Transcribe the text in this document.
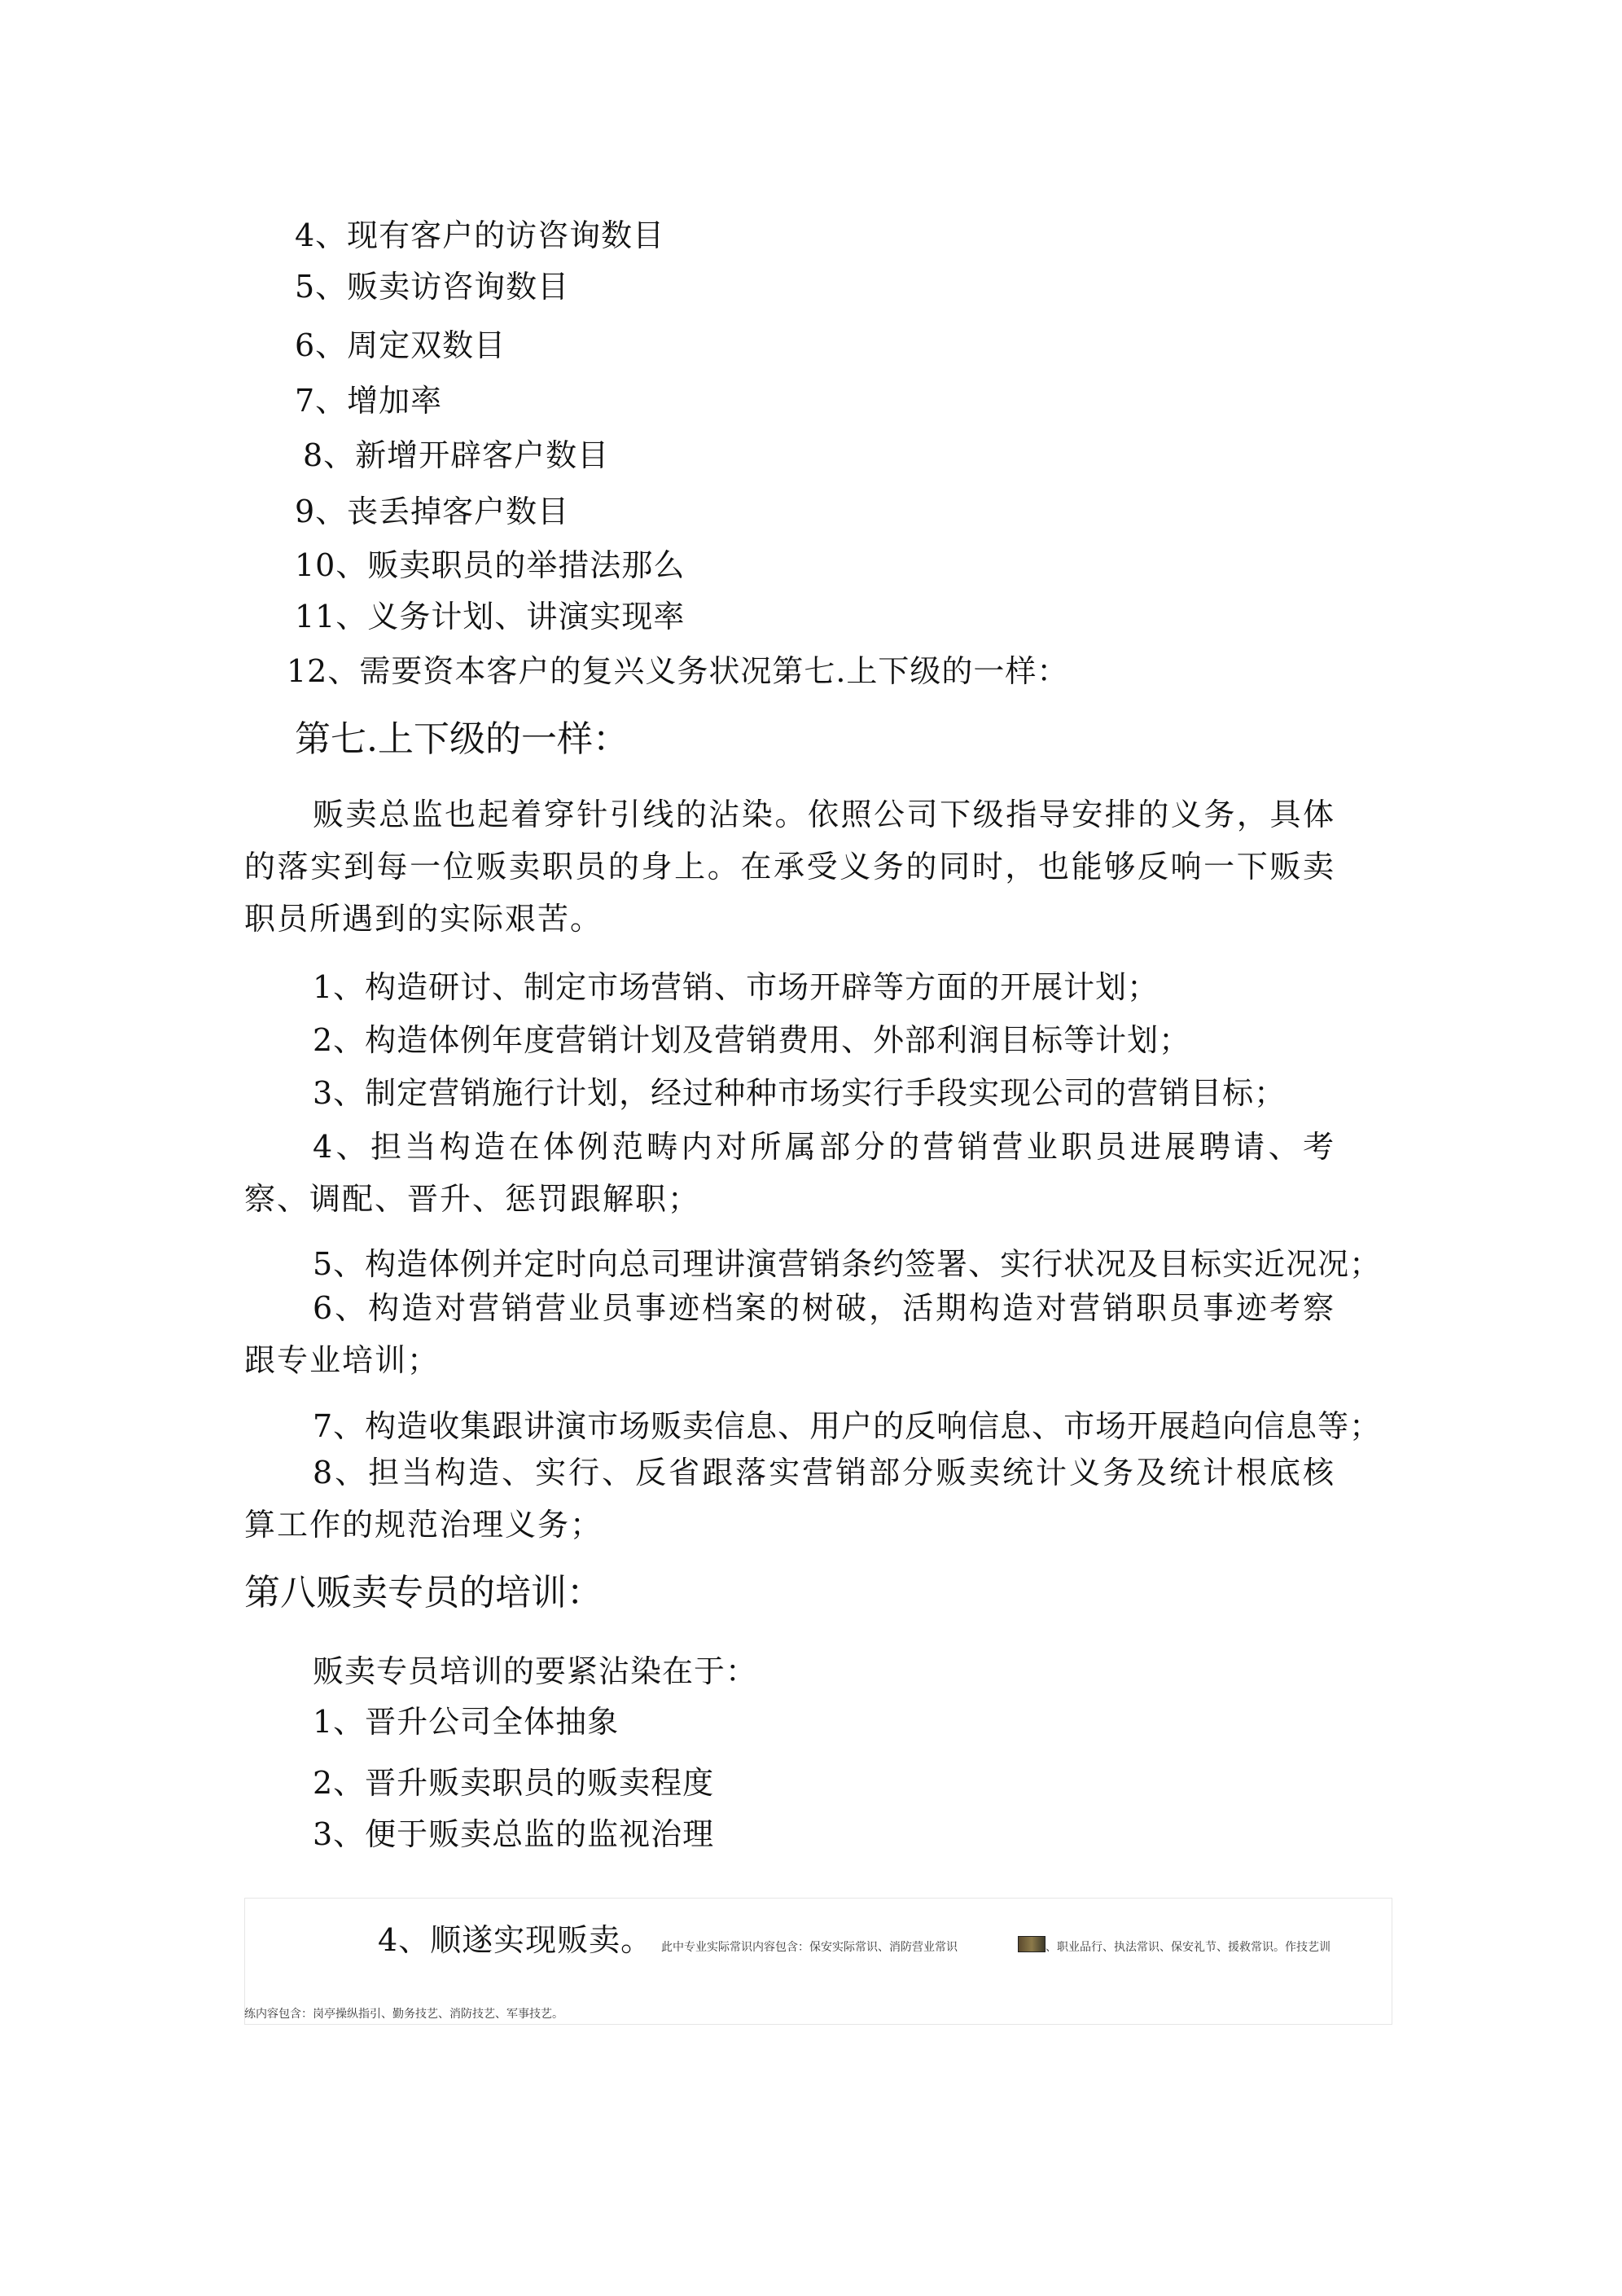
4、现有客户的访咨询数目
5、贩卖访咨询数目
6、周定双数目
7、增加率
8、新增开辟客户数目
9、丧丢掉客户数目
10、贩卖职员的举措法那么
11、义务计划、讲演实现率
12、需要资本客户的复兴义务状况第七.上下级的一样：
第七.上下级的一样：
贩卖总监也起着穿针引线的沾染。依照公司下级指导安排的义务，具体的落实到每一位贩卖职员的身上。在承受义务的同时，也能够反响一下贩卖职员所遇到的实际艰苦。
1、构造研讨、制定市场营销、市场开辟等方面的开展计划；
2、构造体例年度营销计划及营销费用、外部利润目标等计划；
3、制定营销施行计划，经过种种市场实行手段实现公司的营销目标；
4、担当构造在体例范畴内对所属部分的营销营业职员进展聘请、考察、调配、晋升、惩罚跟解职；
5、构造体例并定时向总司理讲演营销条约签署、实行状况及目标实近况况；
6、构造对营销营业员事迹档案的树破，活期构造对营销职员事迹考察跟专业培训；
7、构造收集跟讲演市场贩卖信息、用户的反响信息、市场开展趋向信息等；
8、担当构造、实行、反省跟落实营销部分贩卖统计义务及统计根底核算工作的规范治理义务；
第八贩卖专员的培训：
贩卖专员培训的要紧沾染在于：
1、晋升公司全体抽象
2、晋升贩卖职员的贩卖程度
3、便于贩卖总监的监视治理
4、顺遂实现贩卖。 此中专业实际常识内容包含：保安实际常识、消防营业常识	、职业品行、执法常识、保安礼节、援救常识。作技艺训
练内容包含：岗亭操纵指引、勤务技艺、消防技艺、军事技艺。
